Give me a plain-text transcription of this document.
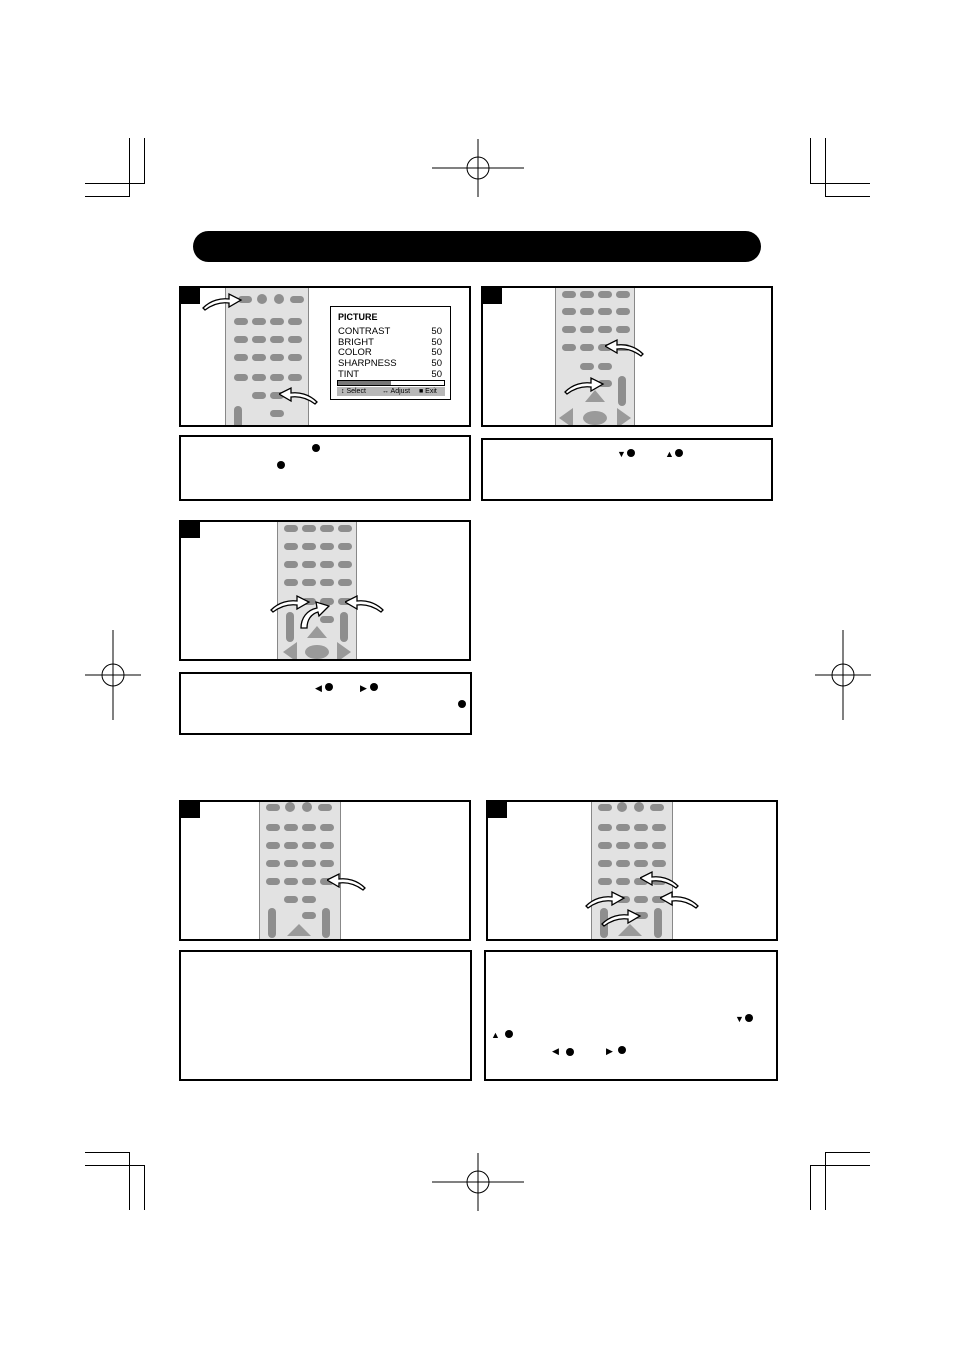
PICTURE
CONTRAST	50
BRIGHT	50
COLOR	50
SHARPNESS	50
TINT	50
↕ Select ↔ Adjust ■ Exit
▼	▲
◀	▶
▼
▲
◀	▶
